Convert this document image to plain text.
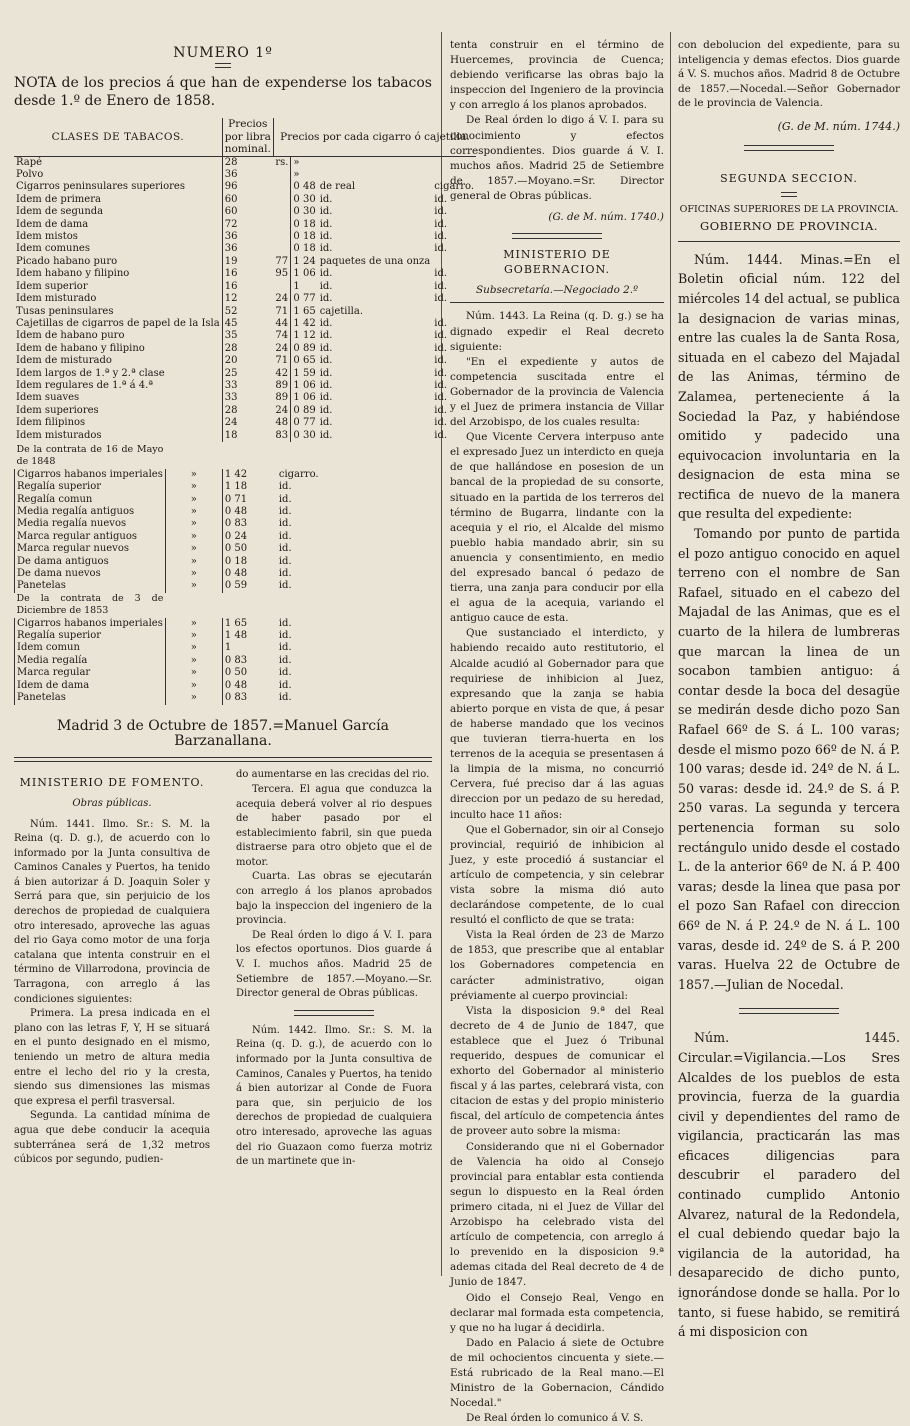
NUMERO 1º
NOTA de los precios á que han de expenderse los tabacos desde 1.º de Enero de 1858.
CLASES DE TABACOS.	Precios por libra nominal.	Precios por cada cigarro ó cajetilla.			
Rapé	28	rs.	»		
Polvo	36		»		
Cigarros peninsulares superiores	96		0 48	de real	cigarro.
Idem de primera	60		0 30	id.	id.
Idem de segunda	60		0 30	id.	id.
Idem de dama	72		0 18	id.	id.
Idem mistos	36		0 18	id.	id.
Idem comunes	36		0 18	id.	id.
Picado habano puro	19	77	1 24	paquetes de una onza	
Idem habano y filipino	16	95	1 06	id.	id.
Idem superior	16		1	id.	id.
Idem misturado	12	24	0 77	id.	id.
Tusas peninsulares	52	71	1 65	cajetilla.	
Cajetillas de cigarros de papel de la Isla	45	44	1 42	id.	id.
Idem de habano puro	35	74	1 12	id.	id.
Idem de habano y filipino	28	24	0 89	id.	id.
Idem de misturado	20	71	0 65	id.	id.
Idem largos de 1.ª y 2.ª clase	25	42	1 59	id.	id.
Idem regulares de 1.ª á 4.ª	33	89	1 06	id.	id.
Idem suaves	33	89	1 06	id.	id.
Idem superiores	28	24	0 89	id.	id.
Idem filipinos	24	48	0 77	id.	id.
Idem misturados	18	83	0 30	id.	id.
De la contrata de 16 de Mayo de 1848			
Cigarros habanos imperiales	»	1 42	cigarro.
Regalía superior	»	1 18	id.
Regalía comun	»	0 71	id.
Media regalía antiguos	»	0 48	id.
Media regalía nuevos	»	0 83	id.
Marca regular antiguos	»	0 24	id.
Marca regular nuevos	»	0 50	id.
De dama antiguos	»	0 18	id.
De dama nuevos	»	0 48	id.
Panetelas	»	0 59	id.
De la contrata de 3 de Diciembre de 1853			
Cigarros habanos imperiales	»	1 65	id.
Regalía superior	»	1 48	id.
Idem comun	»	1	id.
Media regalía	»	0 83	id.
Marca regular	»	0 50	id.
Idem de dama	»	0 48	id.
Panetelas	»	0 83	id.
Madrid 3 de Octubre de 1857.=Manuel García Barzanallana.
MINISTERIO DE FOMENTO.
Obras públicas.

Núm. 1441. Ilmo. Sr.: S. M. la Reina (q. D. g.), de acuerdo con lo informado por la Junta consultiva de Caminos Canales y Puertos, ha tenido á bien autorizar á D. Joaquin Soler y Serrá para que, sin perjuicio de los derechos de propiedad de cualquiera otro interesado, aproveche las aguas del rio Gaya como motor de una forja catalana que intenta construir en el término de Villarrodona, provincia de Tarragona, con arreglo á las condiciones siguientes:

Primera. La presa indicada en el plano con las letras F, Y, H se situará en el punto designado en el mismo, teniendo un metro de altura media entre el lecho del rio y la cresta, siendo sus dimensiones las mismas que expresa el perfil trasversal.

Segunda. La cantidad mínima de agua que debe conducir la acequia subterránea será de 1,32 metros cúbicos por segundo, pudien-

do aumentarse en las crecidas del rio.

Tercera. El agua que conduzca la acequia deberá volver al rio despues de haber pasado por el establecimiento fabril, sin que pueda distraerse para otro objeto que el de motor.

Cuarta. Las obras se ejecutarán con arreglo á los planos aprobados bajo la inspeccion del ingeniero de la provincia.

De Real órden lo digo á V. I. para los efectos oportunos. Dios guarde á V. I. muchos años. Madrid 25 de Setiembre de 1857.—Moyano.—Sr. Director general de Obras públicas.

Núm. 1442. Ilmo. Sr.: S. M. la Reina (q. D. g.), de acuerdo con lo informado por la Junta consultiva de Caminos, Canales y Puertos, ha tenido á bien autorizar al Conde de Fuora para que, sin perjuicio de los derechos de propiedad de cualquiera otro interesado, aproveche las aguas del rio Guazaon como fuerza motriz de un martinete que in-

tenta construir en el término de Huercemes, provincia de Cuenca; debiendo verificarse las obras bajo la inspeccion del Ingeniero de la provincia y con arreglo á los planos aprobados.

De Real órden lo digo á V. I. para su conocimiento y efectos correspondientes. Dios guarde á V. I. muchos años. Madrid 25 de Setiembre de 1857.—Moyano.=Sr. Director general de Obras públicas.

(G. de M. núm. 1740.)
MINISTERIO DE GOBERNACION.
Subsecretaría.—Negociado 2.º

Núm. 1443. La Reina (q. D. g.) se ha dignado expedir el Real decreto siguiente:

"En el expediente y autos de competencia suscitada entre el Gobernador de la provincia de Valencia y el Juez de primera instancia de Villar del Arzobispo, de los cuales resulta:

Que Vicente Cervera interpuso ante el expresado Juez un interdicto en queja de que hallándose en posesion de un bancal de la propiedad de su consorte, situado en la partida de los terreros del término de Bugarra, lindante con la acequia y el rio, el Alcalde del mismo pueblo habia mandado abrir, sin su anuencia y consentimiento, en medio del expresado bancal ó pedazo de tierra, una zanja para conducir por ella el agua de la acequia, variando el antiguo cauce de esta.

Que sustanciado el interdicto, y habiendo recaido auto restitutorio, el Alcalde acudió al Gobernador para que requiriese de inhibicion al Juez, expresando que la zanja se habia abierto porque en vista de que, á pesar de haberse mandado que los vecinos que tuvieran tierra-huerta en los terrenos de la acequia se presentasen á la limpia de la misma, no concurrió Cervera, fué preciso dar á las aguas direccion por un pedazo de su heredad, inculto hace 11 años:

Que el Gobernador, sin oir al Consejo provincial, requirió de inhibicion al Juez, y este procedió á sustanciar el artículo de competencia, y sin celebrar vista sobre la misma dió auto declarándose competente, de lo cual resultó el conflicto de que se trata:

Vista la Real órden de 23 de Marzo de 1853, que prescribe que al entablar los Gobernadores competencia en carácter administrativo, oigan préviamente al cuerpo provincial:

Vista la disposicion 9.ª del Real decreto de 4 de Junio de 1847, que establece que el Juez ó Tribunal requerido, despues de comunicar el exhorto del Gobernador al ministerio fiscal y á las partes, celebrará vista, con citacion de estas y del propio ministerio fiscal, del artículo de competencia ántes de proveer auto sobre la misma:

Considerando que ni el Gobernador de Valencia ha oido al Consejo provincial para entablar esta contienda segun lo dispuesto en la Real órden primero citada, ni el Juez de Villar del Arzobispo ha celebrado vista del artículo de competencia, con arreglo á lo prevenido en la disposicion 9.ª ademas citada del Real decreto de 4 de Junio de 1847.

Oido el Consejo Real, Vengo en declarar mal formada esta competencia, y que no ha lugar á decidirla.

Dado en Palacio á siete de Octubre de mil ochocientos cincuenta y siete.—Está rubricado de la Real mano.—El Ministro de la Gobernacion, Cándido Nocedal."

De Real órden lo comunico á V. S.

con debolucion del expediente, para su inteligencia y demas efectos. Dios guarde á V. S. muchos años. Madrid 8 de Octubre de 1857.—Nocedal.—Señor Gobernador de le provincia de Valencia.

(G. de M. núm. 1744.)
SEGUNDA SECCION.
OFICINAS SUPERIORES DE LA PROVINCIA.
GOBIERNO DE PROVINCIA.

Núm. 1444. Minas.=En el Boletin oficial núm. 122 del miércoles 14 del actual, se publica la designacion de varias minas, entre las cuales la de Santa Rosa, situada en el cabezo del Majadal de las Animas, término de Zalamea, perteneciente á la Sociedad la Paz, y habiéndose omitido y padecido una equivocacion involuntaria en la designacion de esta mina se rectifica de nuevo de la manera que resulta del expediente:

Tomando por punto de partida el pozo antiguo conocido en aquel terreno con el nombre de San Rafael, situado en el cabezo del Majadal de las Animas, que es el cuarto de la hilera de lumbreras que marcan la linea de un socabon tambien antiguo: á contar desde la boca del desagüe se medirán desde dicho pozo San Rafael 66º de S. á L. 100 varas; desde el mismo pozo 66º de N. á P. 100 varas; desde id. 24º de N. á L. 50 varas: desde id. 24.º de S. á P. 250 varas. La segunda y tercera pertenencia forman su solo rectángulo unido desde el costado L. de la anterior 66º de N. á P. 400 varas; desde la linea que pasa por el pozo San Rafael con direccion 66º de N. á P. 24.º de N. á L. 100 varas, desde id. 24º de S. á P. 200 varas. Huelva 22 de Octubre de 1857.—Julian de Nocedal.

Núm. 1445. Circular.=Vigilancia.—Los Sres Alcaldes de los pueblos de esta provincia, fuerza de la guardia civil y dependientes del ramo de vigilancia, practicarán las mas eficaces diligencias para descubrir el paradero del continado cumplido Antonio Alvarez, natural de la Redondela, el cual debiendo quedar bajo la vigilancia de la autoridad, ha desaparecido de dicho punto, ignorándose donde se halla. Por lo tanto, si fuese habido, se remitirá á mi disposicion con
